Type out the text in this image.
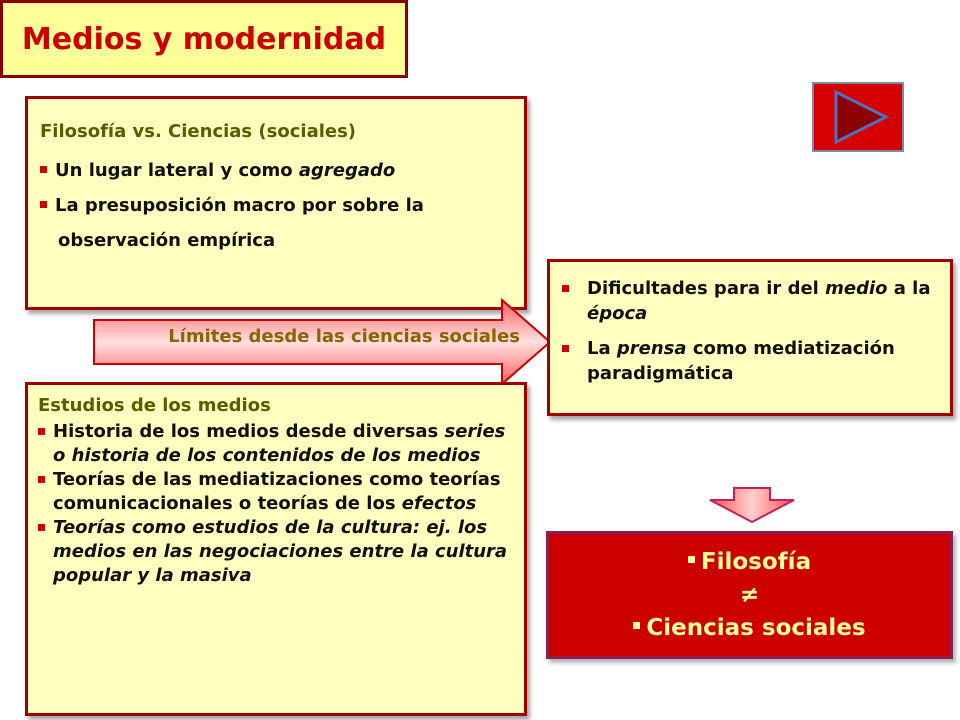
Medios y modernidad
Filosofía vs. Ciencias (sociales)
Un lugar lateral y como agregado
La presuposición macro por sobre la
observación empírica
Límites desde las ciencias sociales
Estudios de los medios
Historia de los medios desde diversas series o historia de los contenidos de los medios
Teorías de las mediatizaciones como teorías comunicacionales o teorías de los efectos
Teorías como estudios de la cultura: ej. los medios en las negociaciones entre la cultura popular y la masiva
Dificultades para ir del medio a la época
La prensa como mediatización paradigmática
Filosofía
≠
Ciencias sociales
